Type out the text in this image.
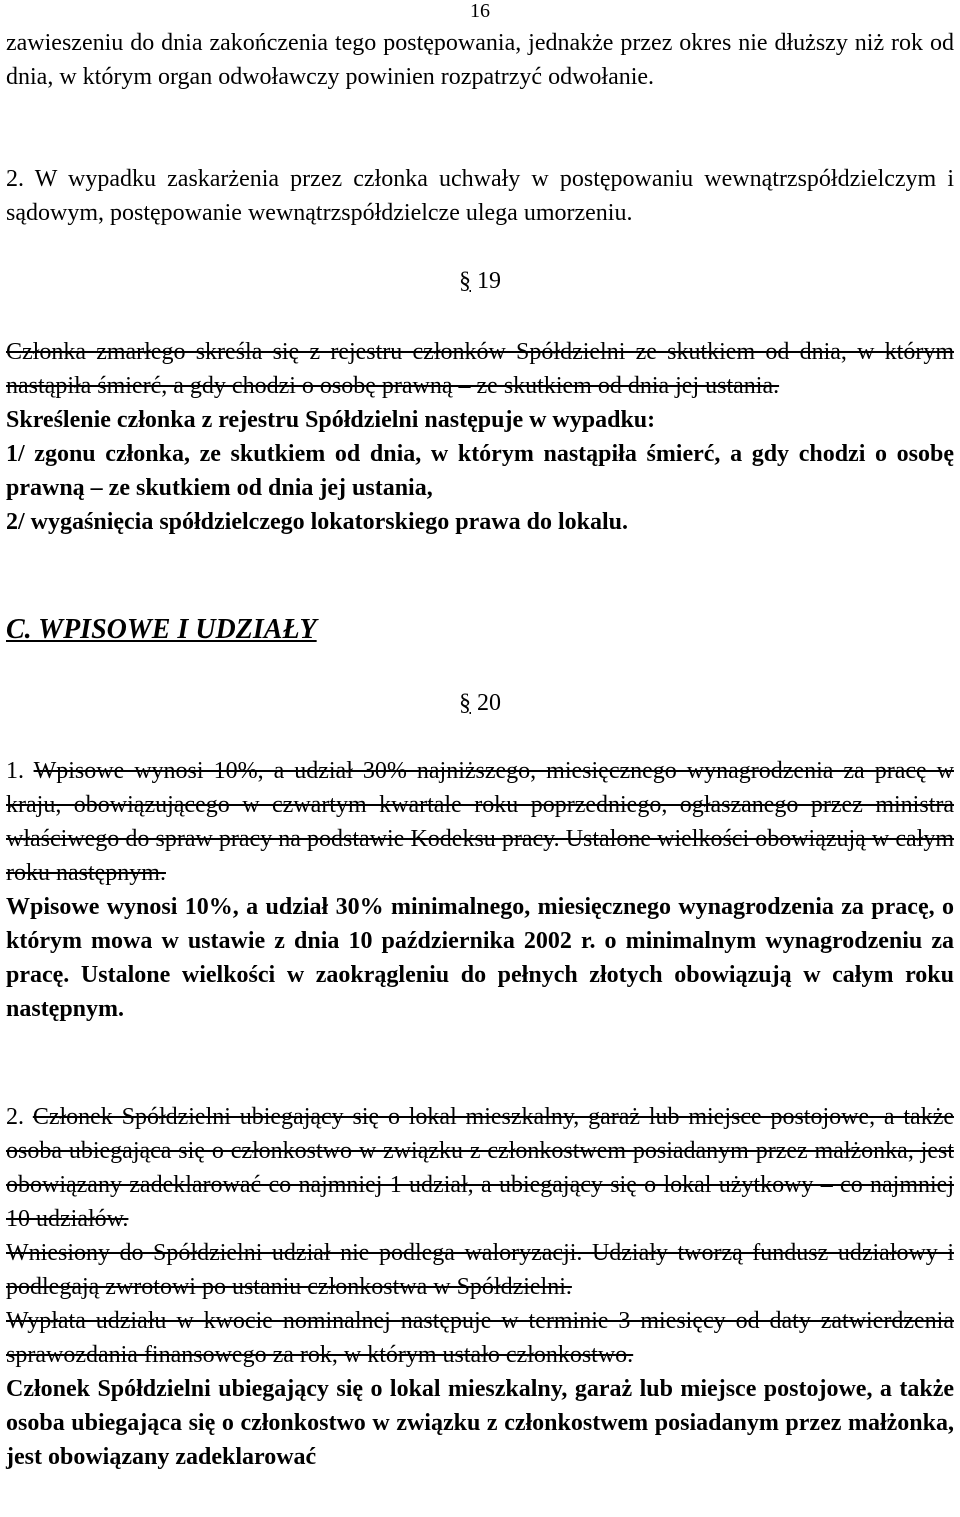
16

zawieszeniu do dnia zakończenia tego postępowania, jednakże przez okres nie dłuższy niż rok od dnia, w którym organ odwoławczy powinien rozpatrzyć odwołanie.

2. W wypadku zaskarżenia przez członka uchwały w postępowaniu wewnątrzspółdzielczym i sądowym, postępowanie wewnątrzspółdzielcze ulega umorzeniu.

§ 19

Członka zmarłego skreśla się z rejestru członków Spółdzielni ze skutkiem od dnia, w którym nastąpiła śmierć, a gdy chodzi o osobę prawną – ze skutkiem od dnia jej ustania.

Skreślenie członka z rejestru Spółdzielni następuje w wypadku:

1/ zgonu członka, ze skutkiem od dnia, w którym nastąpiła śmierć, a gdy chodzi o osobę prawną – ze skutkiem od dnia jej ustania,

2/ wygaśnięcia spółdzielczego lokatorskiego prawa do lokalu.

C. WPISOWE I UDZIAŁY

§ 20

1. Wpisowe wynosi 10%, a udział 30% najniższego, miesięcznego wynagrodzenia za pracę w kraju, obowiązującego w czwartym kwartale roku poprzedniego, ogłaszanego przez ministra właściwego do spraw pracy na podstawie Kodeksu pracy. Ustalone wielkości obowiązują w całym roku następnym.

Wpisowe wynosi 10%, a udział 30% minimalnego, miesięcznego wynagrodzenia za pracę, o którym mowa w ustawie z dnia 10 października 2002 r. o minimalnym wynagrodzeniu za pracę. Ustalone wielkości w zaokrągleniu do pełnych złotych obowiązują w całym roku następnym.

2. Członek Spółdzielni ubiegający się o lokal mieszkalny, garaż lub miejsce postojowe, a także osoba ubiegająca się o członkostwo w związku z członkostwem posiadanym przez małżonka, jest obowiązany zadeklarować co najmniej 1 udział, a ubiegający się o lokal użytkowy – co najmniej 10 udziałów.

Wniesiony do Spółdzielni udział nie podlega waloryzacji. Udziały tworzą fundusz udziałowy i podlegają zwrotowi po ustaniu członkostwa w Spółdzielni.

Wypłata udziału w kwocie nominalnej następuje w terminie 3 miesięcy od daty zatwierdzenia sprawozdania finansowego za rok, w którym ustało członkostwo.

Członek Spółdzielni ubiegający się o lokal mieszkalny, garaż lub miejsce postojowe, a także osoba ubiegająca się o członkostwo w związku z członkostwem posiadanym przez małżonka, jest obowiązany zadeklarować
